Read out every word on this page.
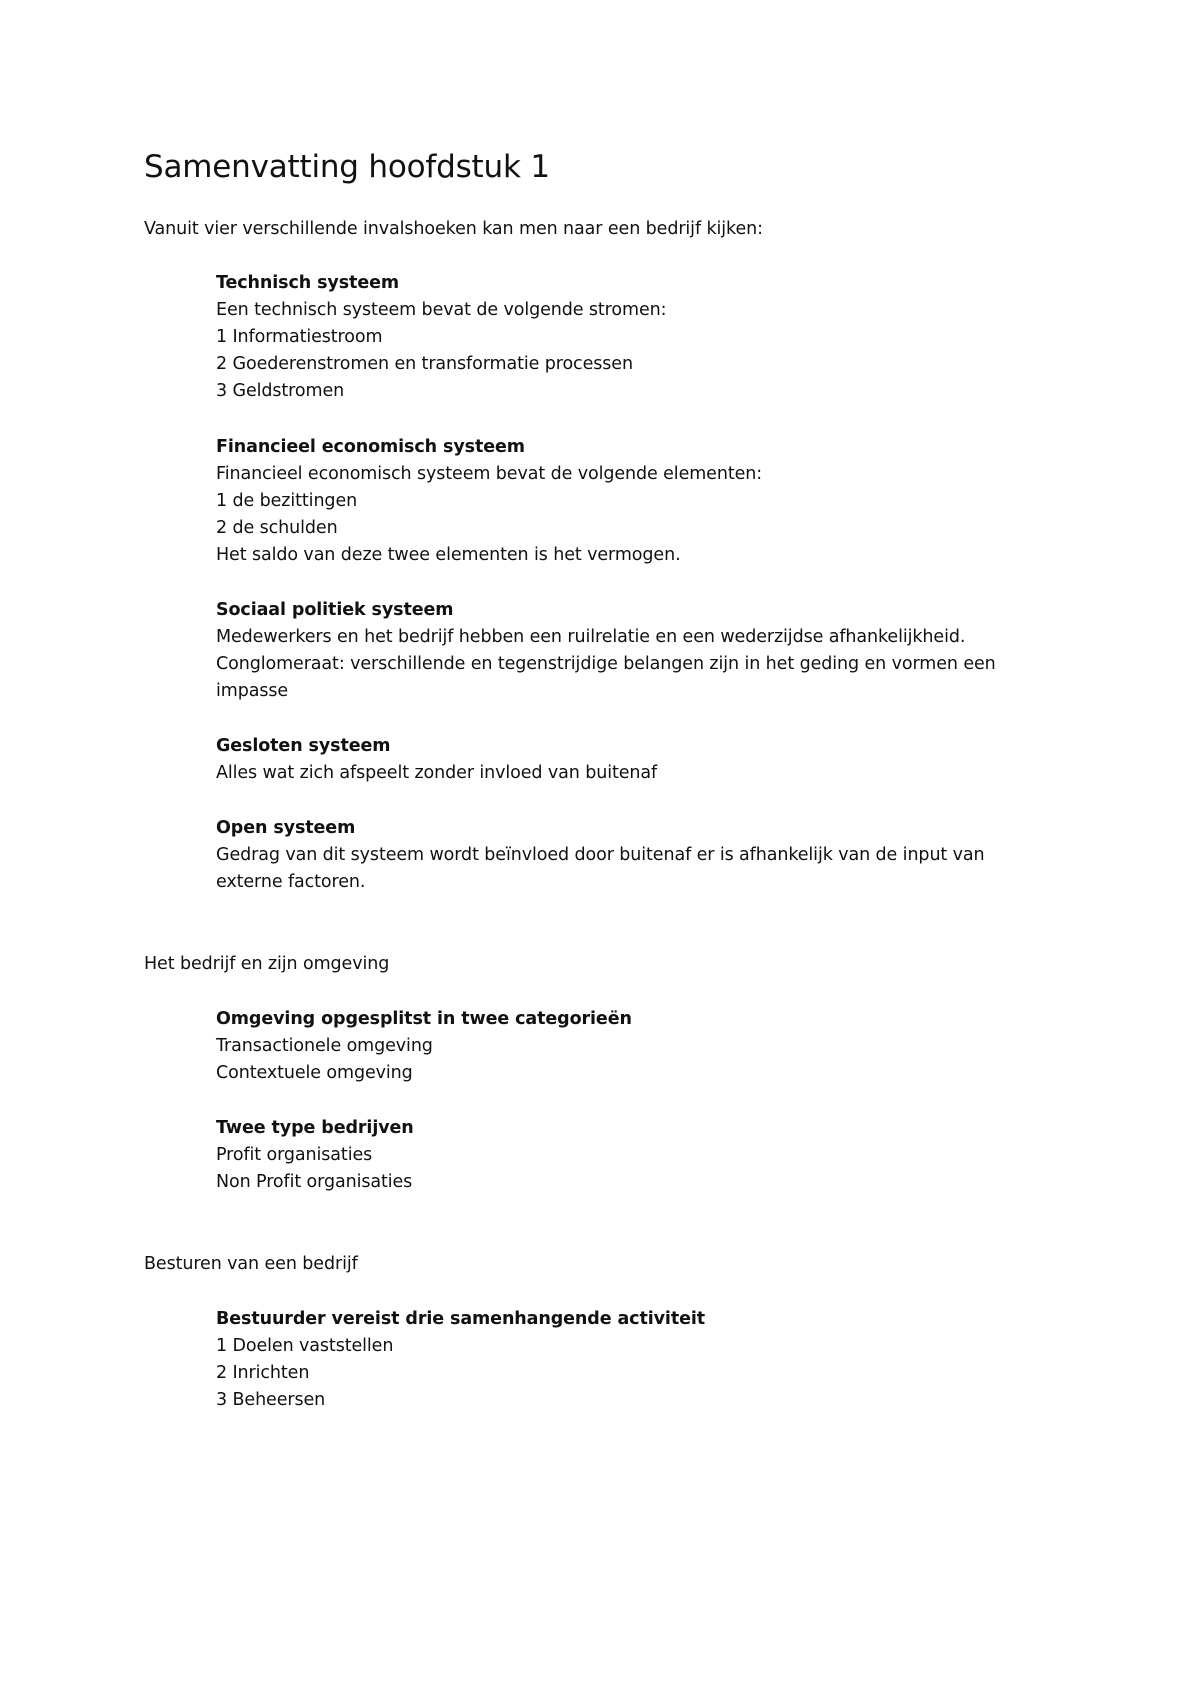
Samenvatting hoofdstuk 1
Vanuit vier verschillende invalshoeken kan men naar een bedrijf kijken:
Technisch systeem
Een technisch systeem bevat de volgende stromen:
1 Informatiestroom
2 Goederenstromen en transformatie processen
3 Geldstromen
Financieel economisch systeem
Financieel economisch systeem bevat de volgende elementen:
1 de bezittingen
2 de schulden
Het saldo van deze twee elementen is het vermogen.
Sociaal politiek systeem
Medewerkers en het bedrijf hebben een ruilrelatie en een wederzijdse afhankelijkheid.
Conglomeraat: verschillende en tegenstrijdige belangen zijn in het geding en vormen een
impasse
Gesloten systeem
Alles wat zich afspeelt zonder invloed van buitenaf
Open systeem
Gedrag van dit systeem wordt beïnvloed door buitenaf er is afhankelijk van de input van
externe factoren.
Het bedrijf en zijn omgeving
Omgeving opgesplitst in twee categorieën
Transactionele omgeving
Contextuele omgeving
Twee type bedrijven
Profit organisaties
Non Profit organisaties
Besturen van een bedrijf
Bestuurder vereist drie samenhangende activiteit
1 Doelen vaststellen
2 Inrichten
3 Beheersen
